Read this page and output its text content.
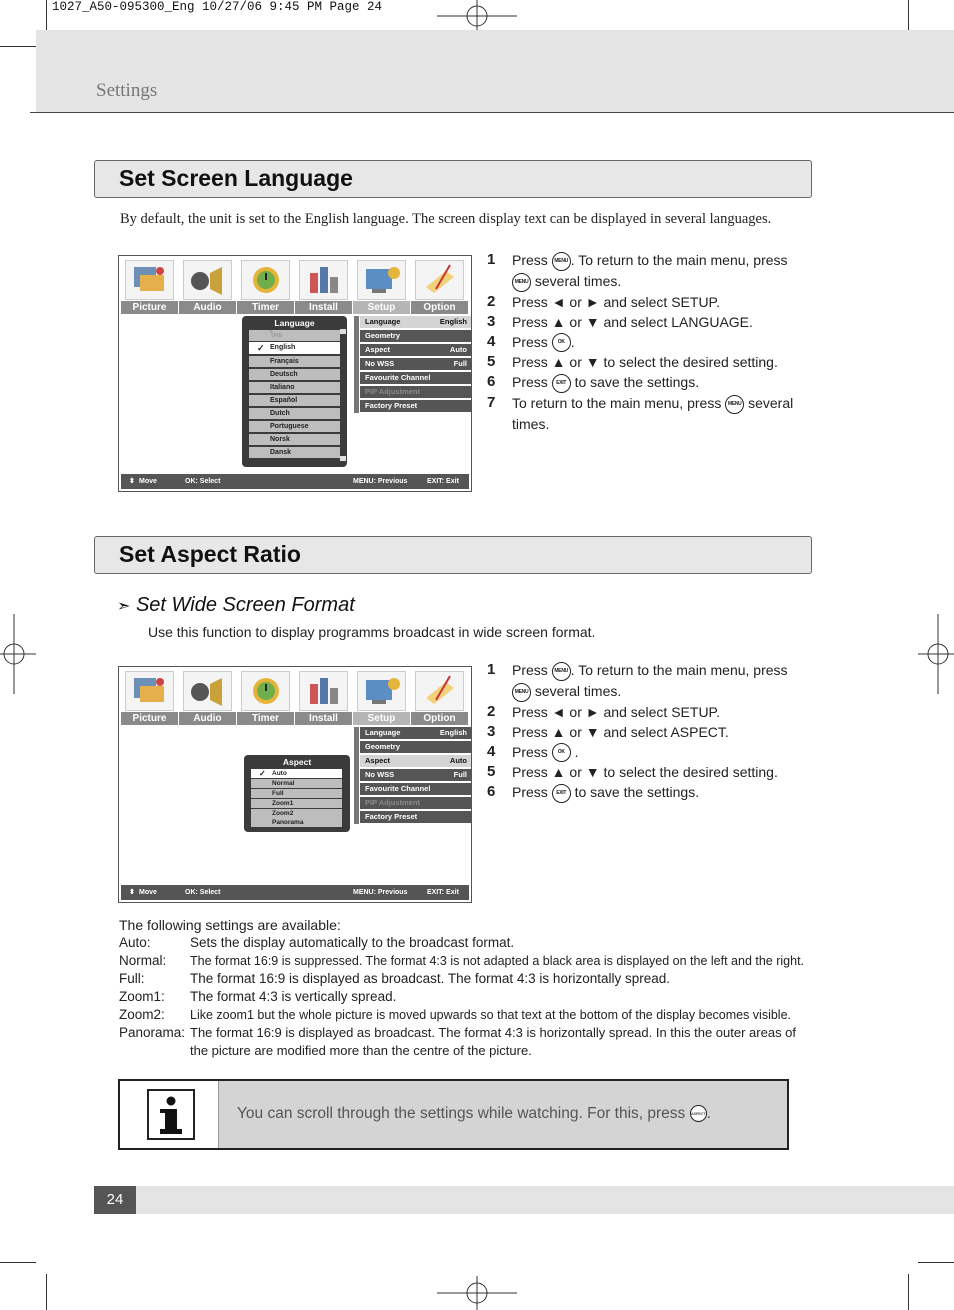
1027_A50-095300_Eng 10/27/06 9:45 PM Page 24
Settings
Set Screen Language
By default, the unit is set to the English language. The screen display text can be displayed in several languages.
Picture	Audio	Timer	Install	Setup	Option
Language
ไทย
✓ English
Français
Deutsch
Italiano
Español
Dutch
Portuguese
Norsk
Dansk
Language	English
Geometry
Aspect	Auto
No WSS	Full
Favourite Channel
PIP Adjustment
Factory Preset
⬍ Move	OK: Select	MENU: Previous	EXIT: Exit
1 Press MENU . To return to the main menu, press
MENU several times.
2 Press ◄ or ► and select SETUP.
3 Press ▲ or ▼ and select LANGUAGE.
4 Press OK .
5 Press ▲ or ▼ to select the desired setting.
6 Press EXIT to save the settings.
7 To return to the main menu, press MENU several times.
Set Aspect Ratio
➣ Set Wide Screen Format
Use this function to display programms broadcast in wide screen format.
Picture	Audio	Timer	Install	Setup	Option
Aspect
✓ Auto
Normal
Full
Zoom1
Zoom2
Panorama
Language	English
Geometry
Aspect	Auto
No WSS	Full
Favourite Channel
PIP Adjustment
Factory Preset
⬍ Move	OK: Select	MENU: Previous	EXIT: Exit
1 Press MENU . To return to the main menu, press
MENU several times.
2 Press ◄ or ► and select SETUP.
3 Press ▲ or ▼ and select ASPECT.
4 Press OK .
5 Press ▲ or ▼ to select the desired setting.
6 Press EXIT to save the settings.
The following settings are available:
Auto:	Sets the display automatically to the broadcast format.
Normal: The format 16:9 is suppressed. The format 4:3 is not adapted a black area is displayed on the left and the right.
Full:	The format 16:9 is displayed as broadcast. The format 4:3 is horizontally spread.
Zoom1: The format 4:3 is vertically spread.
Zoom2: Like zoom1 but the whole picture is moved upwards so that text at the bottom of the display becomes visible.
Panorama: The format 16:9 is displayed as broadcast. The format 4:3 is horizontally spread. In this the outer areas of the picture are modified more than the centre of the picture.
You can scroll through the settings while watching. For this, press ASPECT.
24
